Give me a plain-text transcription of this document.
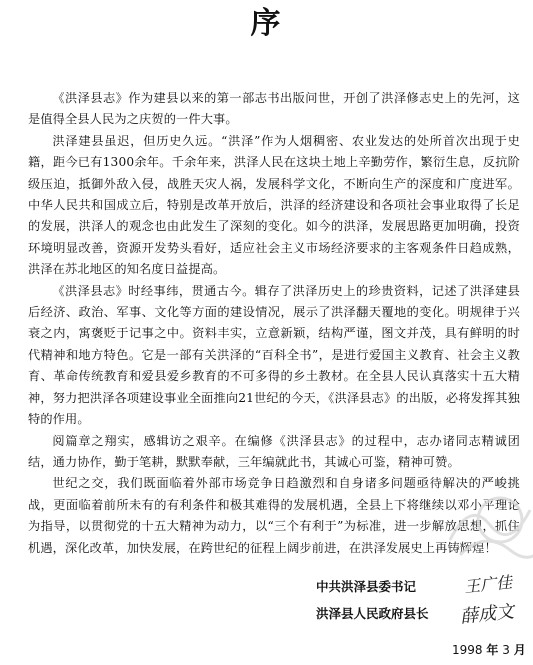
序

《洪泽县志》作为建县以来的第一部志书出版问世，开创了洪泽修志史上的先河，这是值得全县人民为之庆贺的一件大事。

洪泽建县虽迟，但历史久远。“洪泽”作为人烟稠密、农业发达的处所首次出现于史籍，距今已有1300余年。千余年来，洪泽人民在这块土地上辛勤劳作，繁衍生息，反抗阶级压迫，抵御外敌入侵，战胜天灾人祸，发展科学文化，不断向生产的深度和广度进军。中华人民共和国成立后，特别是改革开放后，洪泽的经济建设和各项社会事业取得了长足的发展，洪泽人的观念也由此发生了深刻的变化。如今的洪泽，发展思路更加明确，投资环境明显改善，资源开发势头看好，适应社会主义市场经济要求的主客观条件日趋成熟，洪泽在苏北地区的知名度日益提高。

《洪泽县志》时经事纬，贯通古今。辑存了洪泽历史上的珍贵资料，记述了洪泽建县后经济、政治、军事、文化等方面的建设情况，展示了洪泽翻天覆地的变化。明规律于兴衰之内，寓褒贬于记事之中。资料丰实，立意新颖，结构严谨，图文并茂，具有鲜明的时代精神和地方特色。它是一部有关洪泽的“百科全书”，是进行爱国主义教育、社会主义教育、革命传统教育和爱县爱乡教育的不可多得的乡土教材。在全县人民认真落实十五大精神，努力把洪泽各项建设事业全面推向21世纪的今天，《洪泽县志》的出版，必将发挥其独特的作用。

阅篇章之翔实，感辑访之艰辛。在编修《洪泽县志》的过程中，志办诸同志精诚团结，通力协作，勤于笔耕，默默奉献，三年编就此书，其诚心可鉴，精神可赞。

世纪之交，我们既面临着外部市场竞争日趋激烈和自身诸多问题亟待解决的严峻挑战，更面临着前所未有的有利条件和极其难得的发展机遇，全县上下将继续以邓小平理论为指导，以贯彻党的十五大精神为动力，以“三个有利于”为标准，进一步解放思想，抓住机遇，深化改革，加快发展，在跨世纪的征程上阔步前进，在洪泽发展史上再铸辉煌！

中共洪泽县委书记	王广佳
洪泽县人民政府县长 薛成文
1998 年 3 月
